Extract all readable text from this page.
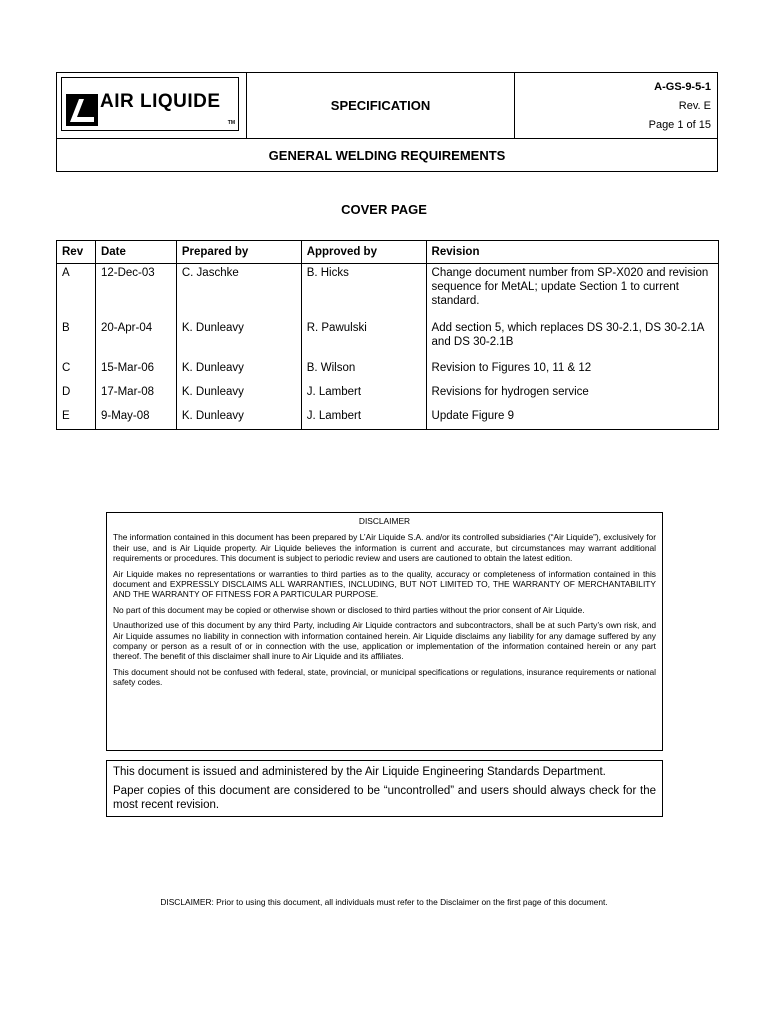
AIR LIQUIDE
TM
SPECIFICATION
A-GS-9-5-1
Rev. E
Page 1 of 15
GENERAL WELDING REQUIREMENTS
COVER PAGE
Rev	Date	Prepared by	Approved by	Revision
A	12-Dec-03	C. Jaschke	B. Hicks	Change document number from SP-X020 and revision sequence for MetAL; update Section 1 to current standard.
B	20-Apr-04	K. Dunleavy	R. Pawulski	Add section 5, which replaces DS 30-2.1, DS 30-2.1A and DS 30-2.1B
C	15-Mar-06	K. Dunleavy	B. Wilson	Revision to Figures 10, 11 & 12
D	17-Mar-08	K. Dunleavy	J. Lambert	Revisions for hydrogen service
E	9-May-08	K. Dunleavy	J. Lambert	Update Figure 9

DISCLAIMER

The information contained in this document has been prepared by L’Air Liquide S.A. and/or its controlled subsidiaries (“Air Liquide”), exclusively for their use, and is Air Liquide property. Air Liquide believes the information is current and accurate, but circumstances may warrant additional requirements or procedures. This document is subject to periodic review and users are cautioned to obtain the latest edition.

Air Liquide makes no representations or warranties to third parties as to the quality, accuracy or completeness of information contained in this document and EXPRESSLY DISCLAIMS ALL WARRANTIES, INCLUDING, BUT NOT LIMITED TO, THE WARRANTY OF MERCHANTABILITY AND THE WARRANTY OF FITNESS FOR A PARTICULAR PURPOSE.

No part of this document may be copied or otherwise shown or disclosed to third parties without the prior consent of Air Liquide.

Unauthorized use of this document by any third Party, including Air Liquide contractors and subcontractors, shall be at such Party’s own risk, and Air Liquide assumes no liability in connection with information contained herein. Air Liquide disclaims any liability for any damage suffered by any company or person as a result of or in connection with the use, application or implementation of the information contained herein or any part thereof. The benefit of this disclaimer shall inure to Air Liquide and its affiliates.

This document should not be confused with federal, state, provincial, or municipal specifications or regulations, insurance requirements or national safety codes.

This document is issued and administered by the Air Liquide Engineering Standards Department.

Paper copies of this document are considered to be “uncontrolled” and users should always check for the most recent revision.

DISCLAIMER: Prior to using this document, all individuals must refer to the Disclaimer on the first page of this document.
